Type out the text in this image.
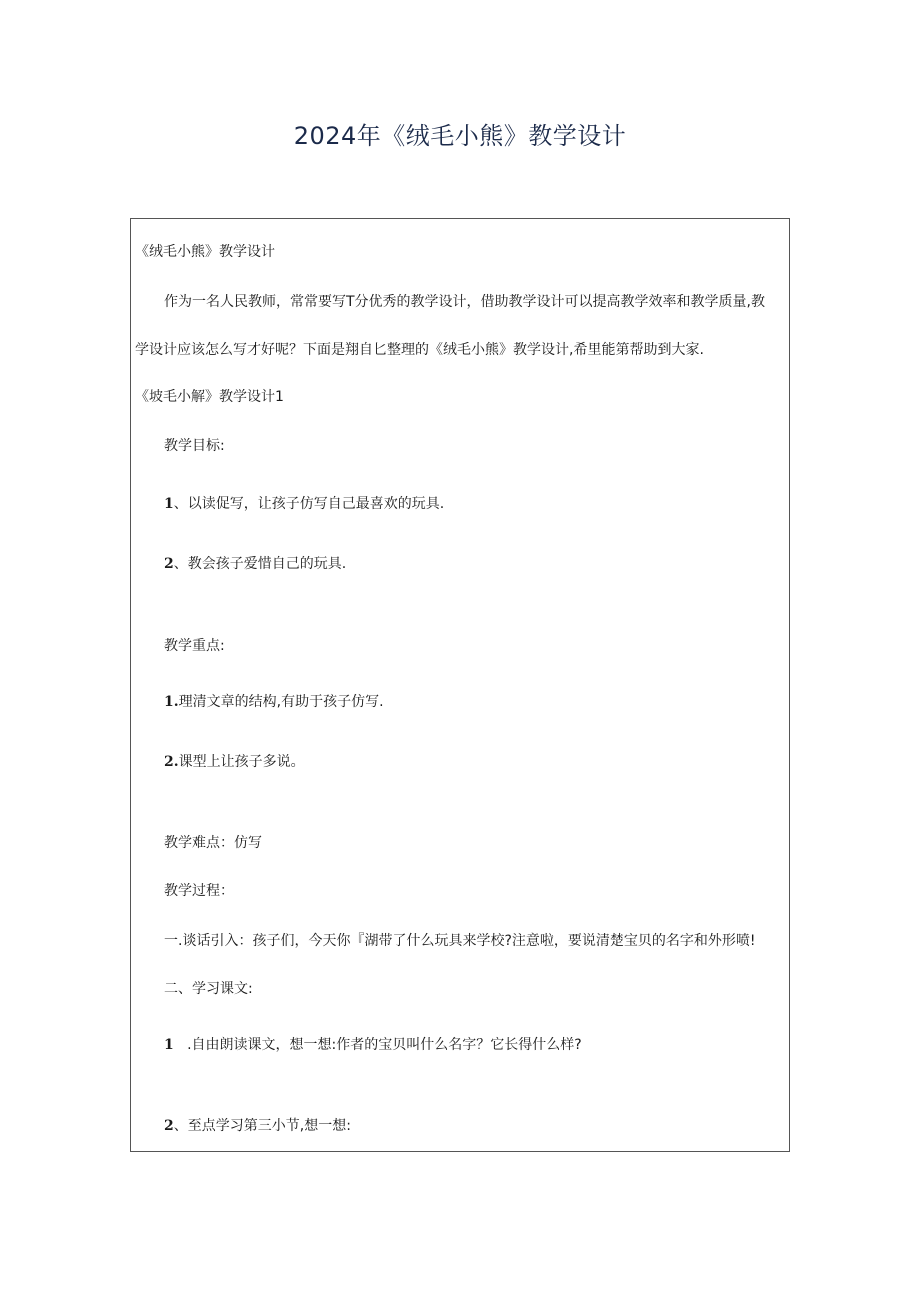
2024年《绒毛小熊》教学设计

《绒毛小熊》教学设计

作为一名人民教师，常常要写T分优秀的教学设计，借助教学设计可以提高教学效率和教学质量,教

学设计应该怎么写才好呢？下面是翔自匕整理的《绒毛小熊》教学设计,希里能第帮助到大家.

《坡毛小解》教学设计1

教学目标:

1、以读促写，让孩子仿写自己最喜欢的玩具.

2、教会孩子爱惜自己的玩具.

教学重点:

1.理清文章的结构,有助于孩子仿写.

2.课型上让孩子多说。

教学难点：仿写

教学过程：

一.谈话引入：孩子们，今天你『湖带了什么玩具来学校?注意啦，要说清楚宝贝的名字和外形喷!

二、学习课文:

1   .自由朗读课文，想一想:作者的宝贝叫什么名字？它长得什么样?

2、至点学习第三小节,想一想:
